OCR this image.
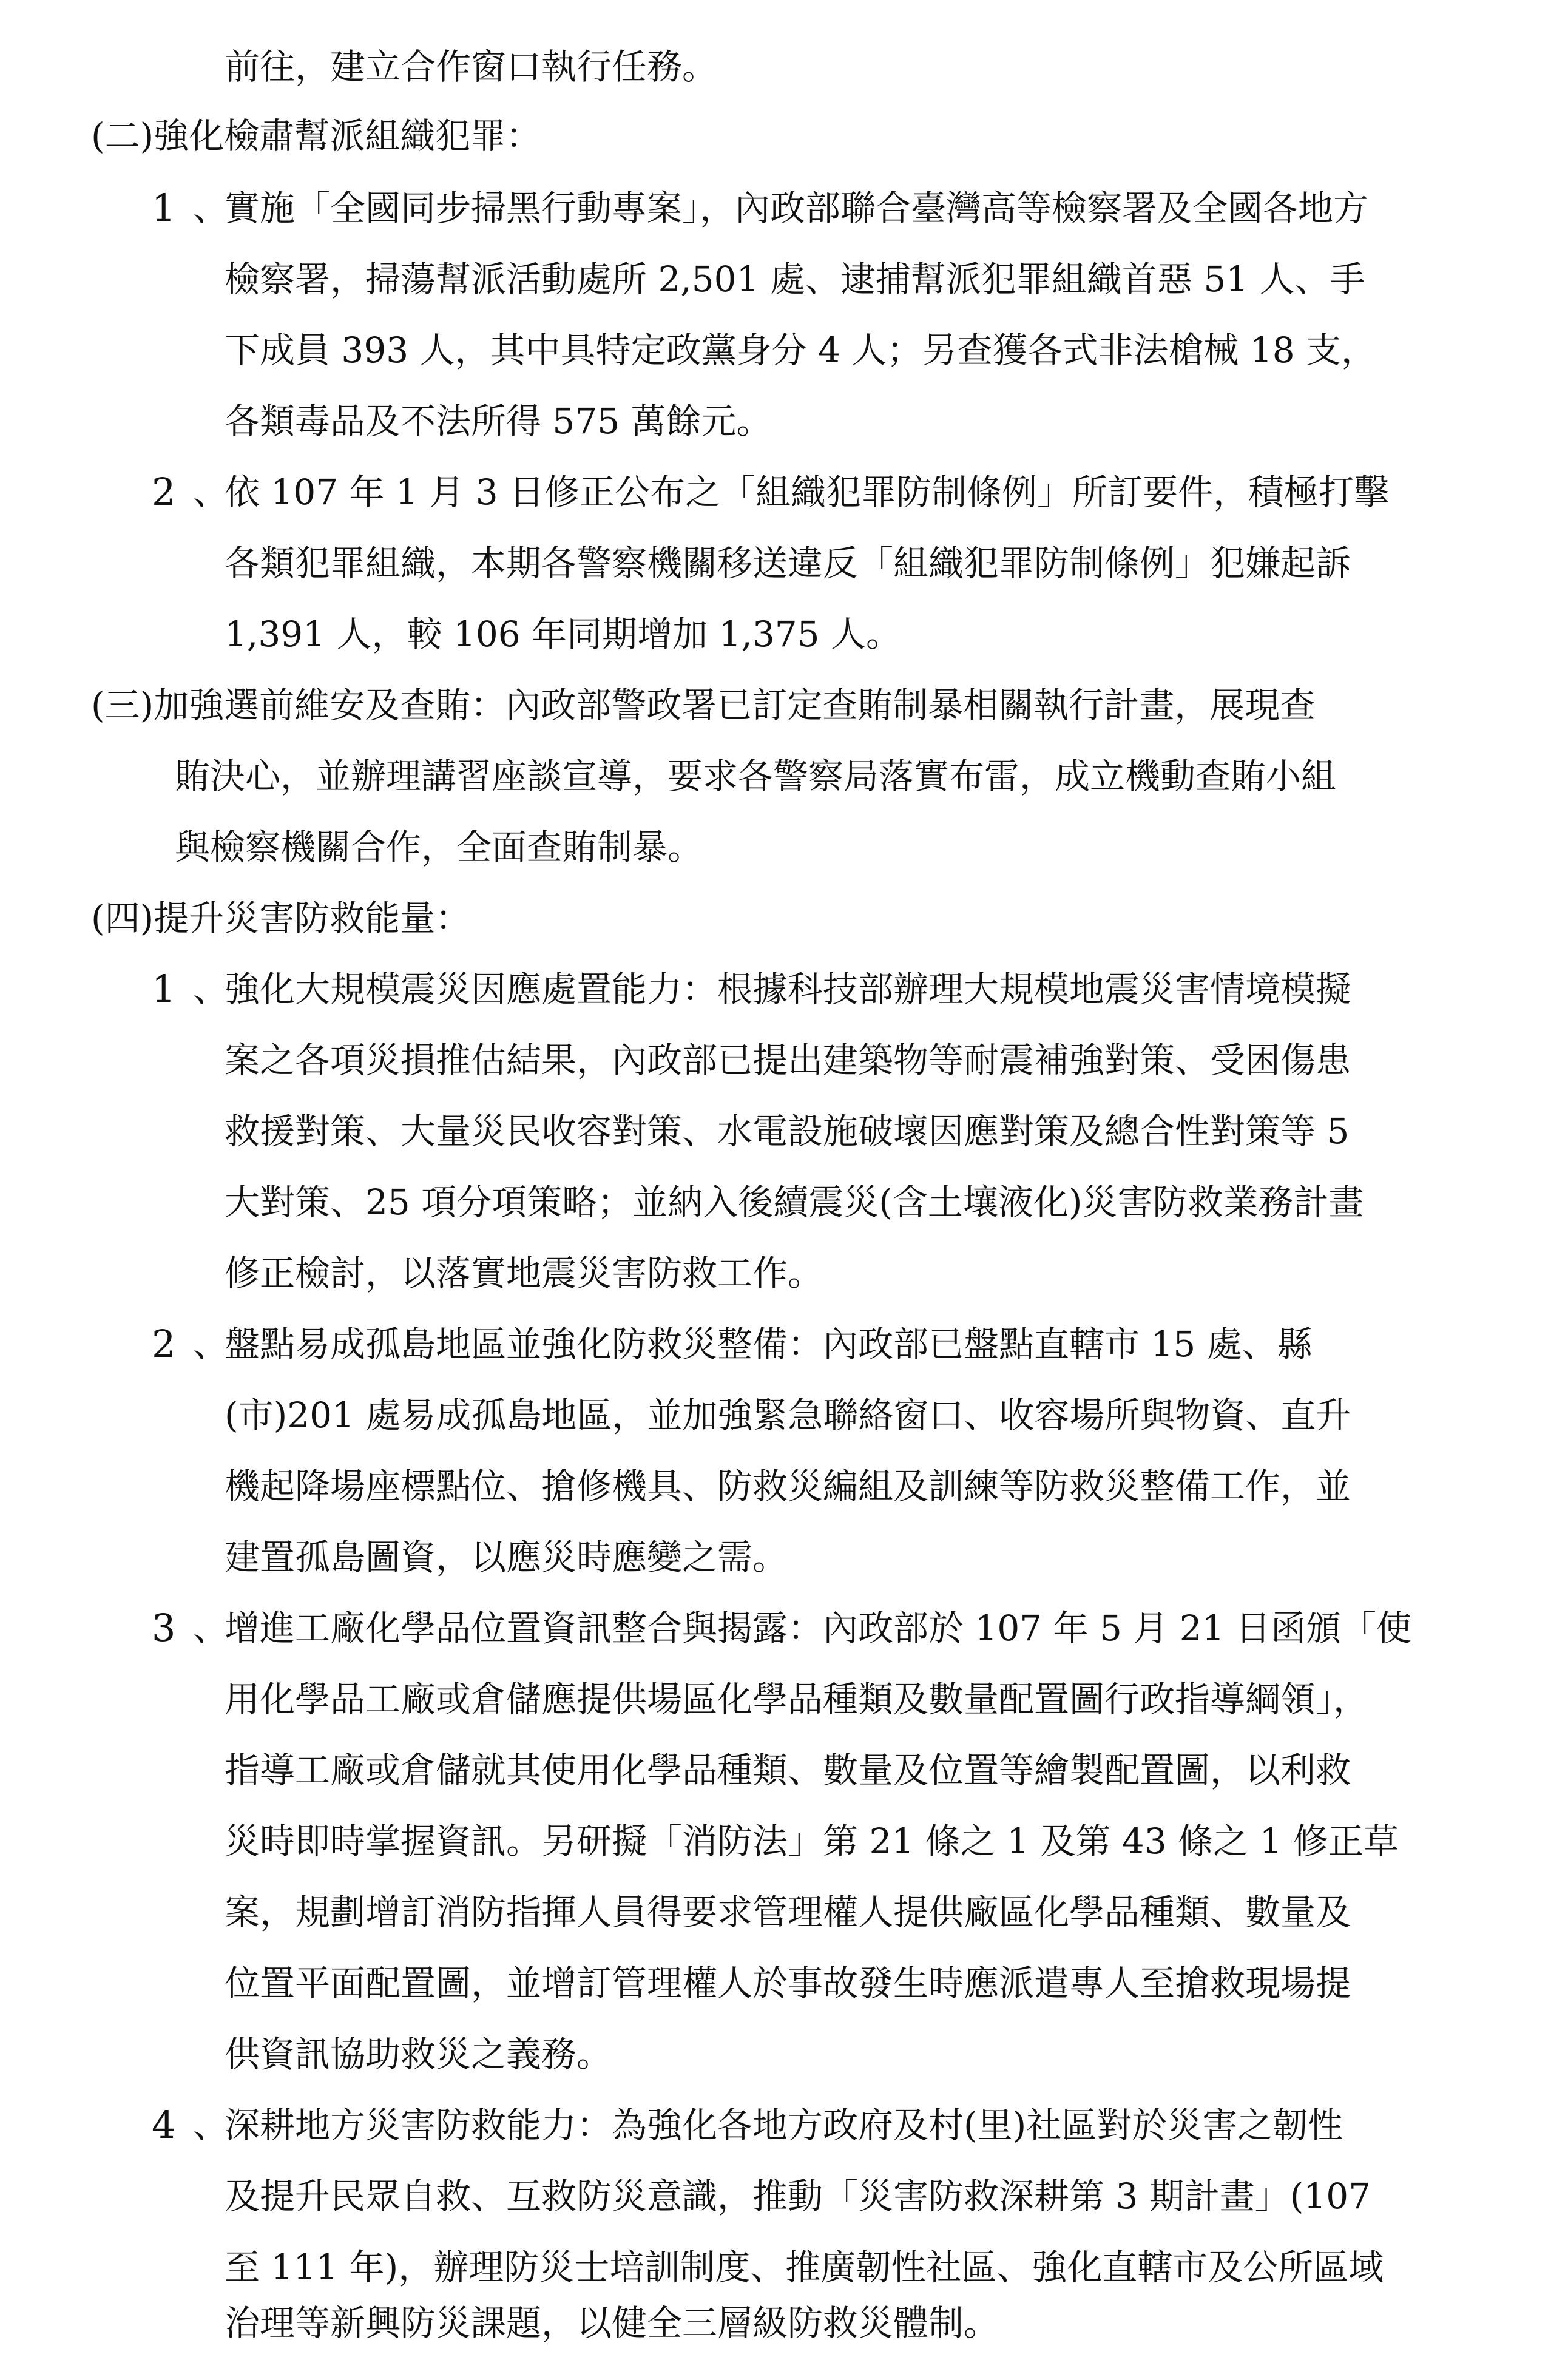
前往，建立合作窗口執行任務。
(二)強化檢肅幫派組織犯罪：
1 、
實施「全國同步掃黑行動專案」，內政部聯合臺灣高等檢察署及全國各地方
檢察署，掃蕩幫派活動處所 2,501 處、逮捕幫派犯罪組織首惡 51 人、手
下成員 393 人，其中具特定政黨身分 4 人；另查獲各式非法槍械 18 支，
各類毒品及不法所得 575 萬餘元。
2 、
依 107 年 1 月 3 日修正公布之「組織犯罪防制條例」所訂要件，積極打擊
各類犯罪組織，本期各警察機關移送違反「組織犯罪防制條例」犯嫌起訴
1,391 人，較 106 年同期增加 1,375 人。
(三)加強選前維安及查賄：內政部警政署已訂定查賄制暴相關執行計畫，展現查
賄決心，並辦理講習座談宣導，要求各警察局落實布雷，成立機動查賄小組
與檢察機關合作，全面查賄制暴。
(四)提升災害防救能量：
1 、
強化大規模震災因應處置能力：根據科技部辦理大規模地震災害情境模擬
案之各項災損推估結果，內政部已提出建築物等耐震補強對策、受困傷患
救援對策、大量災民收容對策、水電設施破壞因應對策及總合性對策等 5
大對策、25 項分項策略；並納入後續震災(含土壤液化)災害防救業務計畫
修正檢討，以落實地震災害防救工作。
2 、
盤點易成孤島地區並強化防救災整備：內政部已盤點直轄市 15 處、縣
(市)201 處易成孤島地區，並加強緊急聯絡窗口、收容場所與物資、直升
機起降場座標點位、搶修機具、防救災編組及訓練等防救災整備工作，並
建置孤島圖資，以應災時應變之需。
3 、
增進工廠化學品位置資訊整合與揭露：內政部於 107 年 5 月 21 日函頒「使
用化學品工廠或倉儲應提供場區化學品種類及數量配置圖行政指導綱領」，
指導工廠或倉儲就其使用化學品種類、數量及位置等繪製配置圖，以利救
災時即時掌握資訊。另研擬「消防法」第 21 條之 1 及第 43 條之 1 修正草
案，規劃增訂消防指揮人員得要求管理權人提供廠區化學品種類、數量及
位置平面配置圖，並增訂管理權人於事故發生時應派遣專人至搶救現場提
供資訊協助救災之義務。
4 、
深耕地方災害防救能力：為強化各地方政府及村(里)社區對於災害之韌性
及提升民眾自救、互救防災意識，推動「災害防救深耕第 3 期計畫」(107
至 111 年)，辦理防災士培訓制度、推廣韌性社區、強化直轄市及公所區域
治理等新興防災課題，以健全三層級防救災體制。
